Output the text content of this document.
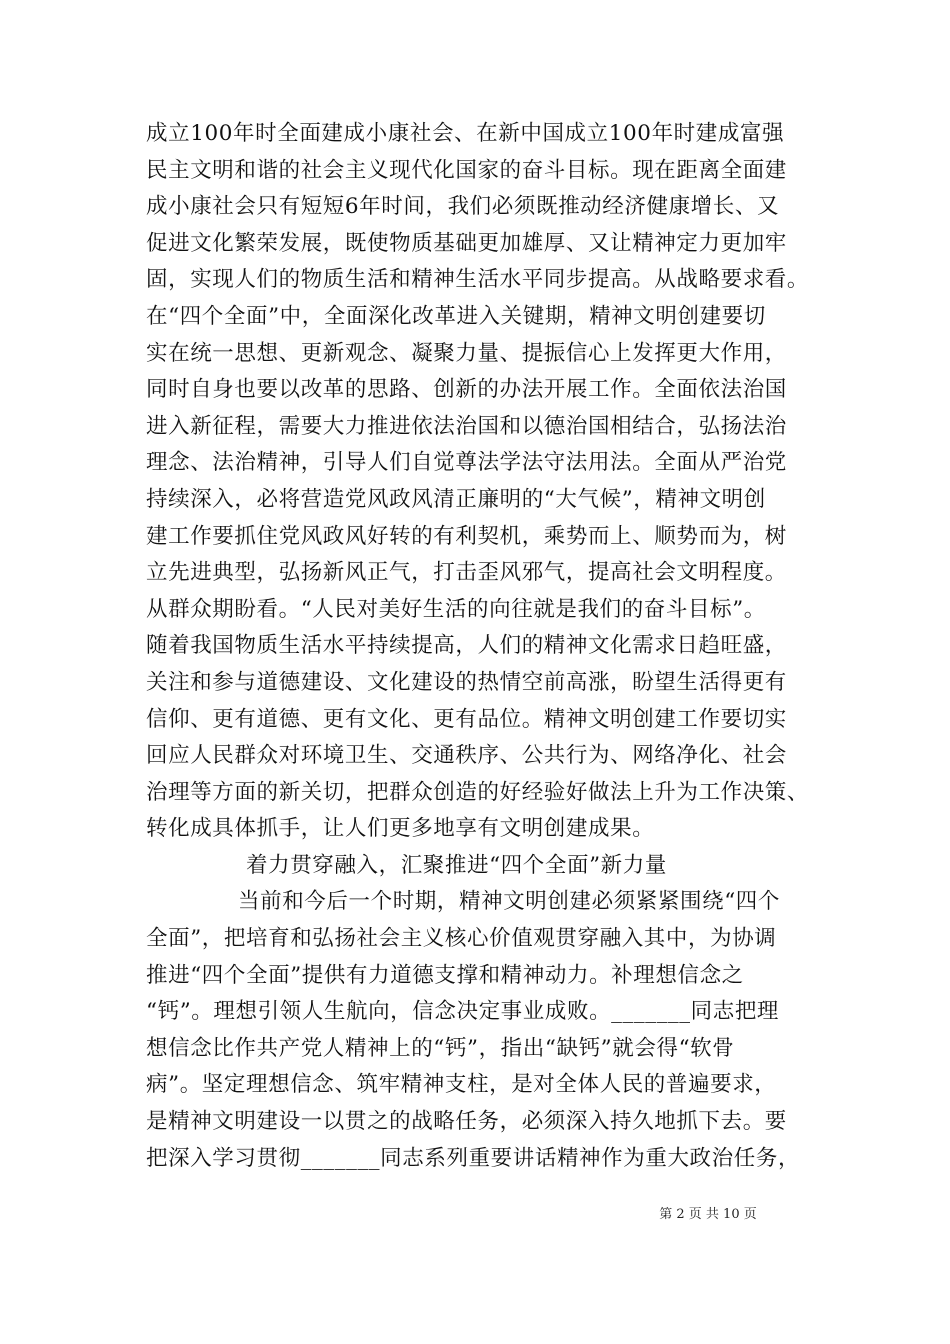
成立100年时全面建成小康社会、在新中国成立100年时建成富强
民主文明和谐的社会主义现代化国家的奋斗目标。现在距离全面建
成小康社会只有短短6年时间，我们必须既推动经济健康增长、又
促进文化繁荣发展，既使物质基础更加雄厚、又让精神定力更加牢
固，实现人们的物质生活和精神生活水平同步提高。从战略要求看。
在“四个全面”中，全面深化改革进入关键期，精神文明创建要切
实在统一思想、更新观念、凝聚力量、提振信心上发挥更大作用，
同时自身也要以改革的思路、创新的办法开展工作。全面依法治国
进入新征程，需要大力推进依法治国和以德治国相结合，弘扬法治
理念、法治精神，引导人们自觉尊法学法守法用法。全面从严治党
持续深入，必将营造党风政风清正廉明的“大气候”，精神文明创
建工作要抓住党风政风好转的有利契机，乘势而上、顺势而为，树
立先进典型，弘扬新风正气，打击歪风邪气，提高社会文明程度。
从群众期盼看。“人民对美好生活的向往就是我们的奋斗目标”。
随着我国物质生活水平持续提高，人们的精神文化需求日趋旺盛，
关注和参与道德建设、文化建设的热情空前高涨，盼望生活得更有
信仰、更有道德、更有文化、更有品位。精神文明创建工作要切实
回应人民群众对环境卫生、交通秩序、公共行为、网络净化、社会
治理等方面的新关切，把群众创造的好经验好做法上升为工作决策、
转化成具体抓手，让人们更多地享有文明创建成果。
着力贯穿融入，汇聚推进“四个全面”新力量
当前和今后一个时期，精神文明创建必须紧紧围绕“四个
全面”，把培育和弘扬社会主义核心价值观贯穿融入其中，为协调
推进“四个全面”提供有力道德支撑和精神动力。补理想信念之
“钙”。理想引领人生航向，信念决定事业成败。_______同志把理
想信念比作共产党人精神上的“钙”，指出“缺钙”就会得“软骨
病”。坚定理想信念、筑牢精神支柱，是对全体人民的普遍要求，
是精神文明建设一以贯之的战略任务，必须深入持久地抓下去。要
把深入学习贯彻_______同志系列重要讲话精神作为重大政治任务，
第 2 页 共 10 页
